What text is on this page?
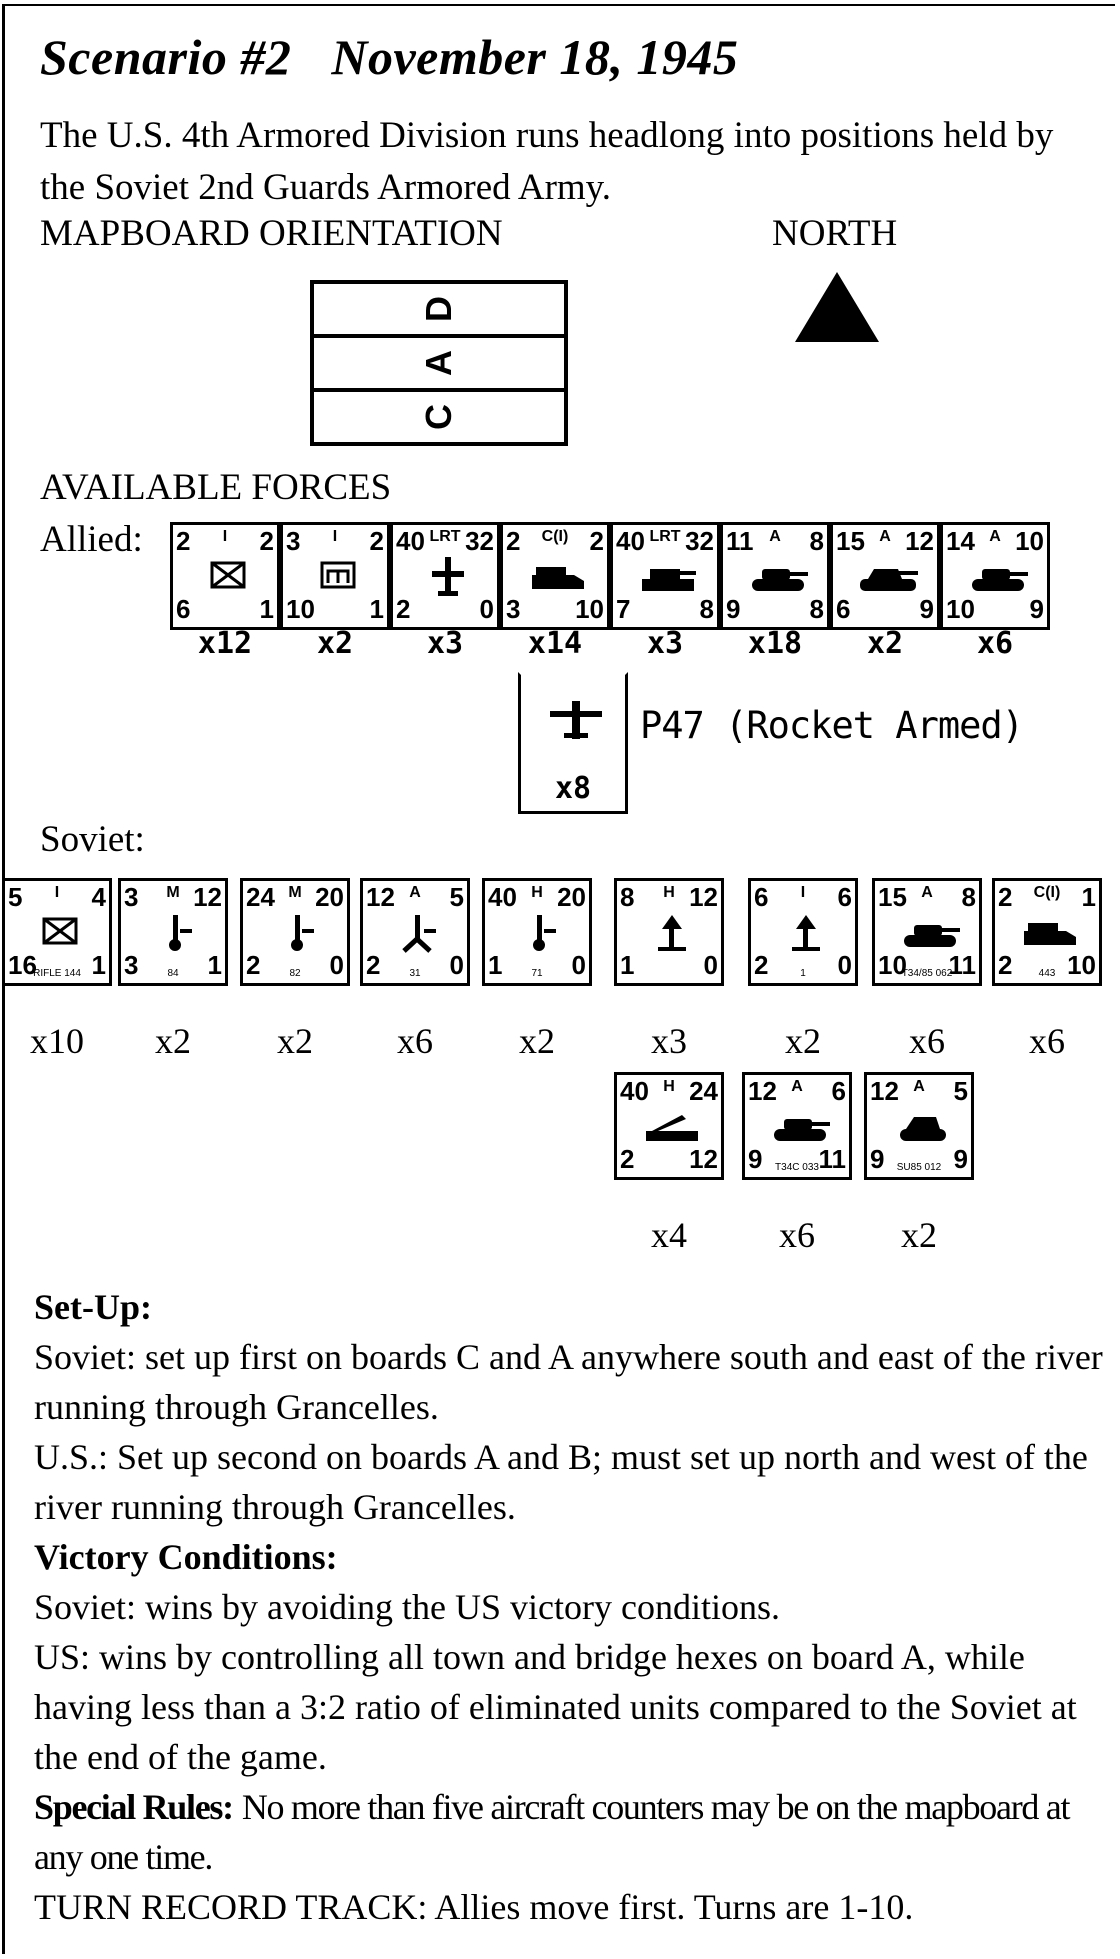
Scenario #2 November 18, 1945
The U.S. 4th Armored Division runs headlong into positions held by the Soviet 2nd Guards Armored Army.
MAPBOARD ORIENTATION	NORTH
D
A
C
AVAILABLE FORCES
Allied: 2	I	2
6	1
x12
3	I	2
10 1
x2
40 LRT 32
2	0
x3
2	C(I) 2
3 10
x14
40 LRT 32
7	8
x3
11 A	8
9	8
x18
15 A 12
6	9
x2
14 A 10
10 9
x6
x8
P47 (Rocket Armed)
Soviet:
5	I	4
16 1
RIFLE 144
x10
3	M 12
3	1
84
x2
24 M 20
2	0
82
x2
12 A	5
2	0
31
x6
40 H 20
1	0
71
x2
8	H 12
1	0
x3
6	I	6
2	0
1
x2
15 A	8
10 11
T34/85 062
x6
2	C(I) 1
2 10
443
x6
40 H 24
2 12
x4
12 A	6
9 11
T34C 033
x6
12 A	5
9	9
SU85 012
x2
Set-Up:
Soviet: set up first on boards C and A anywhere south and east of the river running through Grancelles.
U.S.: Set up second on boards A and B; must set up north and west of the river running through Grancelles.
Victory Conditions:
Soviet: wins by avoiding the US victory conditions.
US: wins by controlling all town and bridge hexes on board A, while having less than a 3:2 ratio of eliminated units compared to the Soviet at the end of the game.
Special Rules: No more than five aircraft counters may be on the mapboard at any one time.
TURN RECORD TRACK: Allies move first. Turns are 1-10.
